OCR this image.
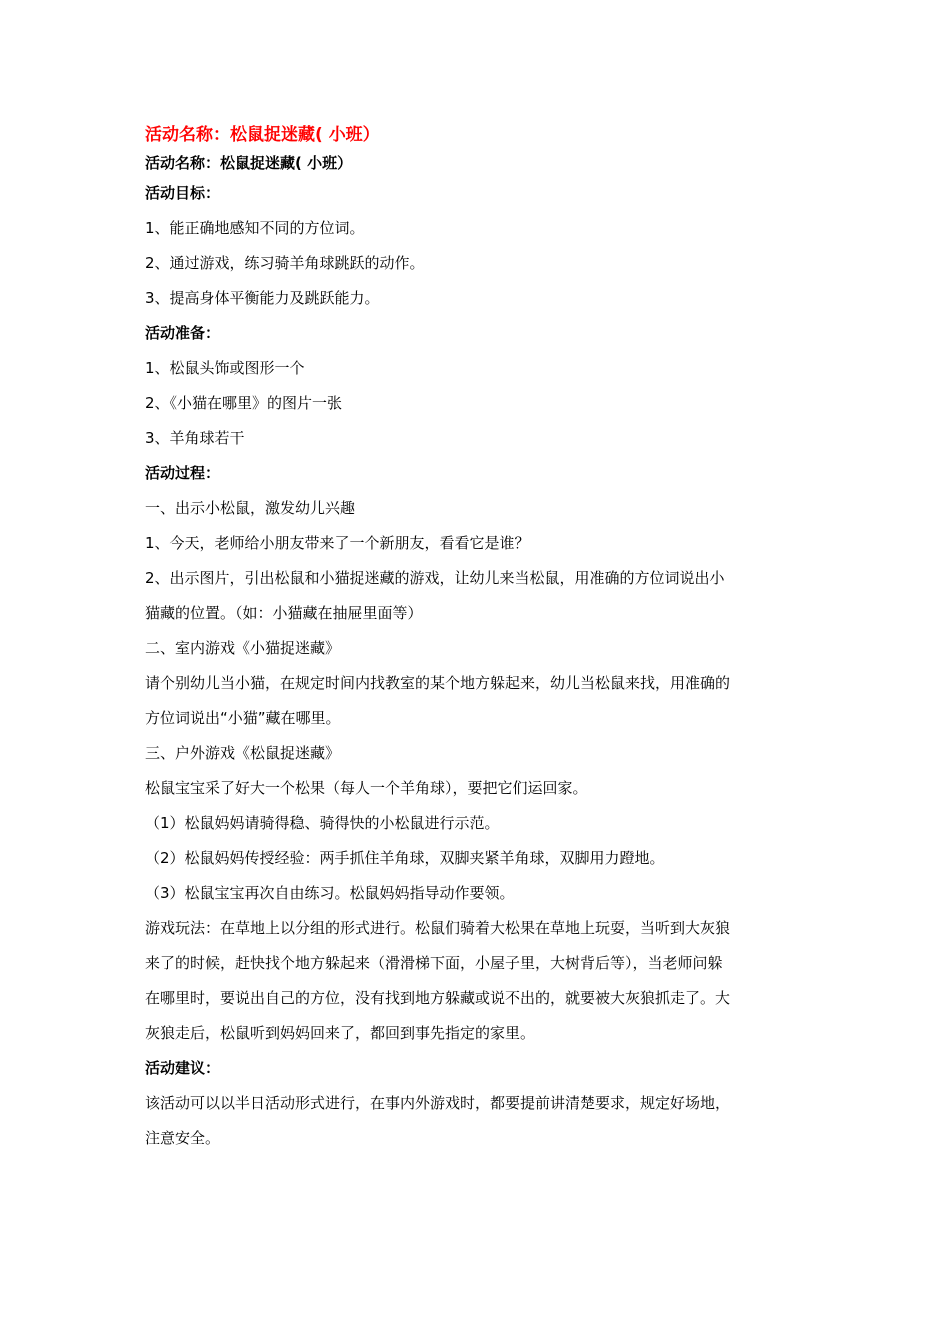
活动名称：松鼠捉迷藏( 小班）
活动名称：松鼠捉迷藏( 小班）
活动目标：
1、能正确地感知不同的方位词。
2、通过游戏，练习骑羊角球跳跃的动作。
3、提高身体平衡能力及跳跃能力。
活动准备：
1、松鼠头饰或图形一个
2、《小猫在哪里》的图片一张
3、羊角球若干
活动过程：
一、出示小松鼠，激发幼儿兴趣
1、今天，老师给小朋友带来了一个新朋友，看看它是谁？
2、出示图片，引出松鼠和小猫捉迷藏的游戏，让幼儿来当松鼠，用准确的方位词说出小
猫藏的位置。（如：小猫藏在抽屉里面等）
二、室内游戏《小猫捉迷藏》
请个别幼儿当小猫，在规定时间内找教室的某个地方躲起来，幼儿当松鼠来找，用准确的
方位词说出“小猫”藏在哪里。
三、户外游戏《松鼠捉迷藏》
松鼠宝宝采了好大一个松果（每人一个羊角球），要把它们运回家。
（1）松鼠妈妈请骑得稳、骑得快的小松鼠进行示范。
（2）松鼠妈妈传授经验：两手抓住羊角球，双脚夹紧羊角球，双脚用力蹬地。
（3）松鼠宝宝再次自由练习。松鼠妈妈指导动作要领。
游戏玩法：在草地上以分组的形式进行。松鼠们骑着大松果在草地上玩耍，当听到大灰狼
来了的时候，赶快找个地方躲起来（滑滑梯下面，小屋子里，大树背后等），当老师问躲
在哪里时，要说出自己的方位，没有找到地方躲藏或说不出的，就要被大灰狼抓走了。大
灰狼走后，松鼠听到妈妈回来了，都回到事先指定的家里。
活动建议：
该活动可以以半日活动形式进行，在事内外游戏时，都要提前讲清楚要求，规定好场地，
注意安全。
